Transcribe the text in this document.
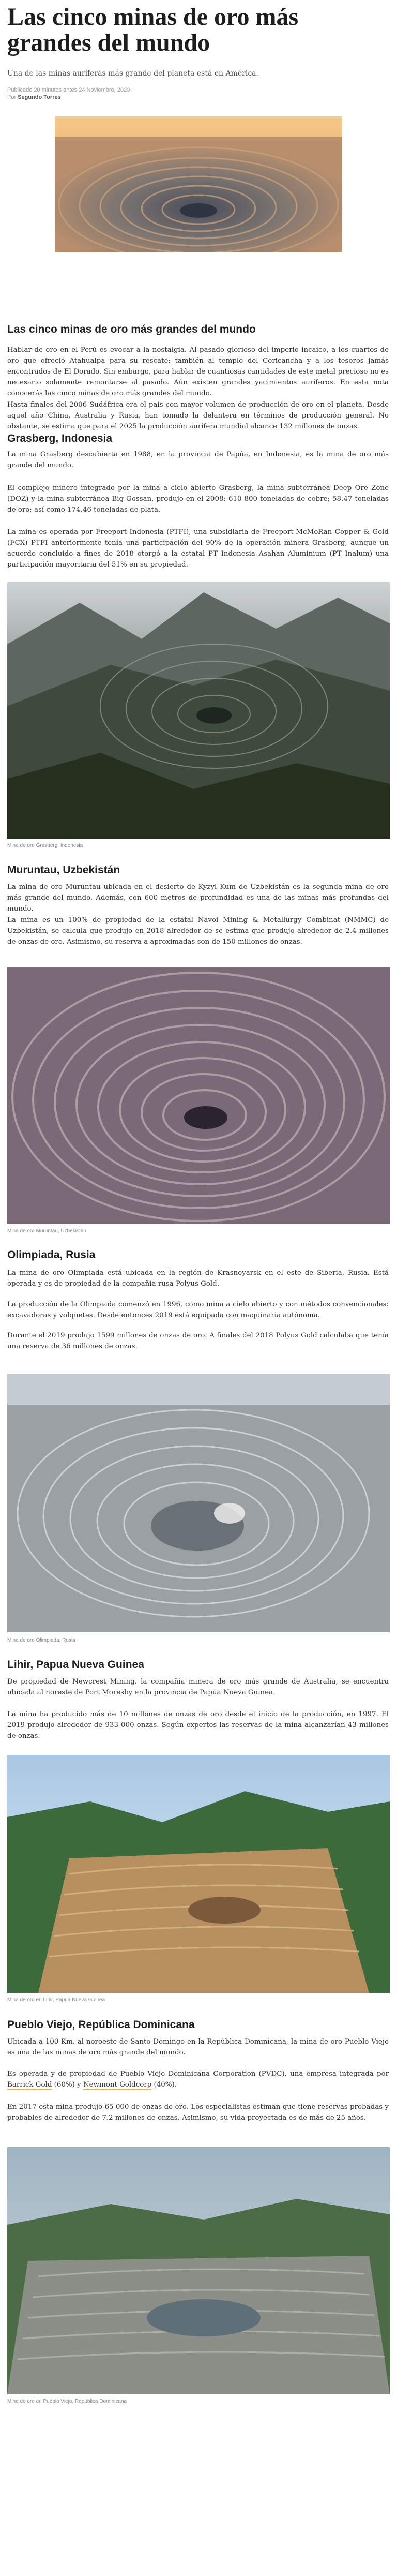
Las cinco minas de oro más grandes del mundo
Una de las minas auríferas más grande del planeta está en América.
Publicado 20 minutos antes 24 Noviembre, 2020
Por Segundo Torres
Las cinco minas de oro más grandes del mundo

Hablar de oro en el Perú es evocar a la nostalgia. Al pasado glorioso del imperio incaico, a los cuartos de oro que ofreció Atahualpa para su rescate; también al templo del Coricancha y a los tesoros jamás encontrados de El Dorado. Sin embargo, para hablar de cuantiosas cantidades de este metal precioso no es necesario solamente remontarse al pasado. Aún existen grandes yacimientos auríferos. En esta nota conocerás las cinco minas de oro más grandes del mundo.

Hasta finales del 2006 Sudáfrica era el país con mayor volumen de producción de oro en el planeta. Desde aquel año China, Australia y Rusia, han tomado la delantera en términos de producción general. No obstante, se estima que para el 2025 la producción aurífera mundial alcance 132 millones de onzas.

Grasberg, Indonesia

La mina Grasberg descubierta en 1988, en la provincia de Papúa, en Indonesia, es la mina de oro más grande del mundo.

El complejo minero integrado por la mina a cielo abierto Grasberg, la mina subterránea Deep Ore Zone (DOZ) y la mina subterránea Big Gossan, produjo en el 2008: 610 800 toneladas de cobre; 58.47 toneladas de oro; así como 174.46 toneladas de plata.

La mina es operada por Freeport Indonesia (PTFI), una subsidiaria de Freeport-McMoRan Copper & Gold (FCX) PTFI anteriormente tenía una participación del 90% de la operación minera Grasberg, aunque un acuerdo concluido a fines de 2018 otorgó a la estatal PT Indonesia Asahan Aluminium (PT Inalum) una participación mayoritaria del 51% en su propiedad.

Mina de oro Grasberg, Indonesia
Muruntau, Uzbekistán

La mina de oro Muruntau ubicada en el desierto de Kyzyl Kum de Uzbekistán es la segunda mina de oro más grande del mundo. Además, con 600 metros de profundidad es una de las minas más profundas del mundo.

La mina es un 100% de propiedad de la estatal Navoi Mining & Metallurgy Combinat (NMMC) de Uzbekistán, se calcula que produjo en 2018 alrededor de se estima que produjo alrededor de 2.4 millones de onzas de oro. Asimismo, su reserva a aproximadas son de 150 millones de onzas.

Mina de oro Muruntau, Uzbekistán
Olimpiada, Rusia

La mina de oro Olimpiada está ubicada en la región de Krasnoyarsk en el este de Siberia, Rusia. Está operada y es de propiedad de la compañía rusa Polyus Gold.

La producción de la Olimpiada comenzó en 1996, como mina a cielo abierto y con métodos convencionales: excavadoras y volquetes. Desde entonces 2019 está equipada con maquinaria autónoma.

Durante el 2019 produjo 1599 millones de onzas de oro. A finales del 2018 Polyus Gold calculaba que tenía una reserva de 36 millones de onzas.

Mina de oro Olimpiada, Rusia
Lihir, Papua Nueva Guinea

De propiedad de Newcrest Mining, la compañía minera de oro más grande de Australia, se encuentra ubicada al noreste de Port Moresby en la provincia de Papúa Nueva Guinea.

La mina ha producido más de 10 millones de onzas de oro desde el inicio de la producción, en 1997. El 2019 produjo alrededor de 933 000 onzas. Según expertos las reservas de la mina alcanzarían 43 millones de onzas.

Mina de oro en Lihir, Papua Nueva Guinea
Pueblo Viejo, República Dominicana

Ubicada a 100 Km. al noroeste de Santo Domingo en la República Dominicana, la mina de oro Pueblo Viejo es una de las minas de oro más grande del mundo.

Es operada y de propiedad de Pueblo Viejo Dominicana Corporation (PVDC), una empresa integrada por Barrick Gold (60%) y Newmont Goldcorp (40%).

En 2017 esta mina produjo 65 000 de onzas de oro. Los especialistas estiman que tiene reservas probadas y probables de alrededor de 7.2 millones de onzas. Asimismo, su vida proyectada es de más de 25 años.

Mina de oro en Pueblo Viejo, República Dominicana
